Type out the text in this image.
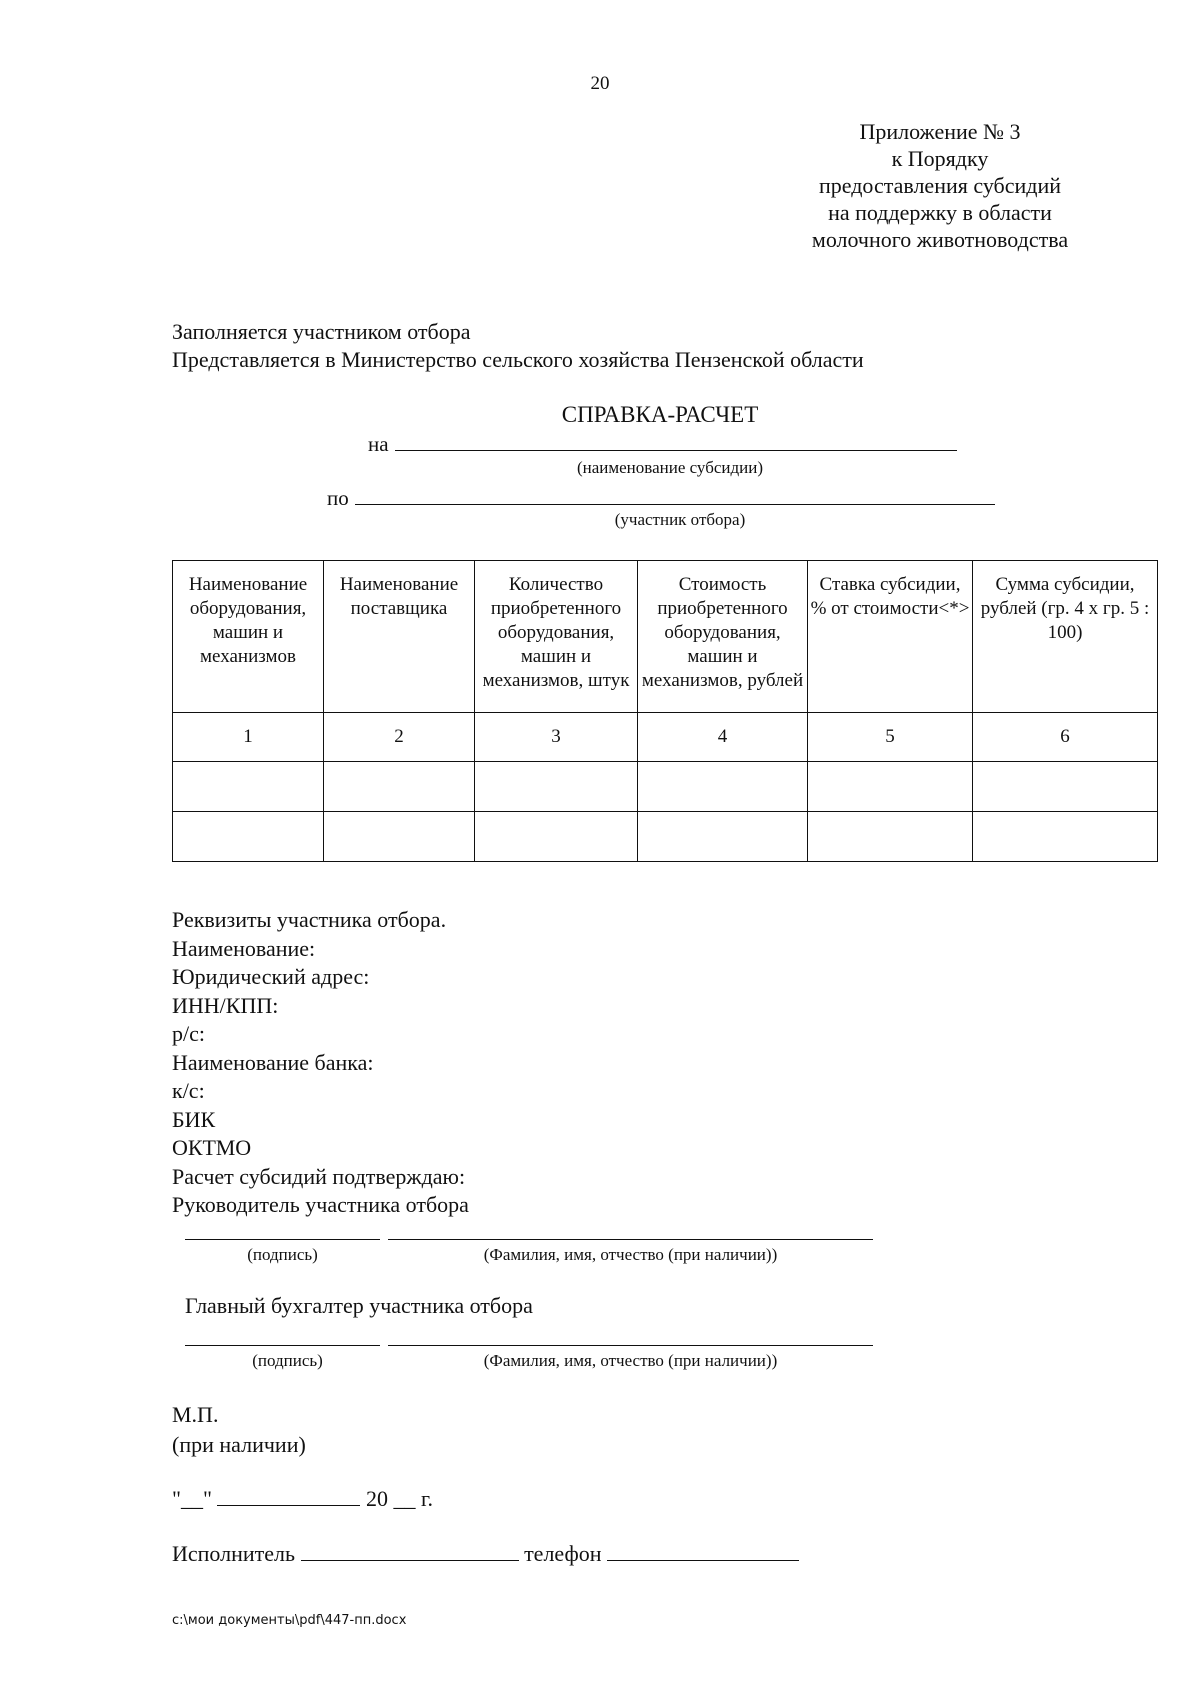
20
Приложение № 3
к Порядку
предоставления субсидий
на поддержку в области
молочного животноводства
Заполняется участником отбора
Представляется в Министерство сельского хозяйства Пензенской области
СПРАВКА-РАСЧЕТ
на
(наименование субсидии)
по
(участник отбора)
Наименование оборудования, машин и механизмов	Наименование поставщика	Количество приобретенного оборудования, машин и механизмов, штук	Стоимость приобретенного оборудования, машин и механизмов, рублей	Ставка субсидии, % от стоимости<*>	Сумма субсидии, рублей (гр. 4 x гр. 5 : 100)
1	2	3	4	5	6

Реквизиты участника отбора.
Наименование:
Юридический адрес:
ИНН/КПП:
р/с:
Наименование банка:
к/с:
БИК
ОКТМО
Расчет субсидий подтверждаю:
Руководитель участника отбора
(подпись)	(Фамилия, имя, отчество (при наличии))
Главный бухгалтер участника отбора
(подпись)	(Фамилия, имя, отчество (при наличии))
М.П.
(при наличии)
"__"	20 __ г.
Исполнитель	телефон
c:\мои документы\pdf\447-пп.docx
